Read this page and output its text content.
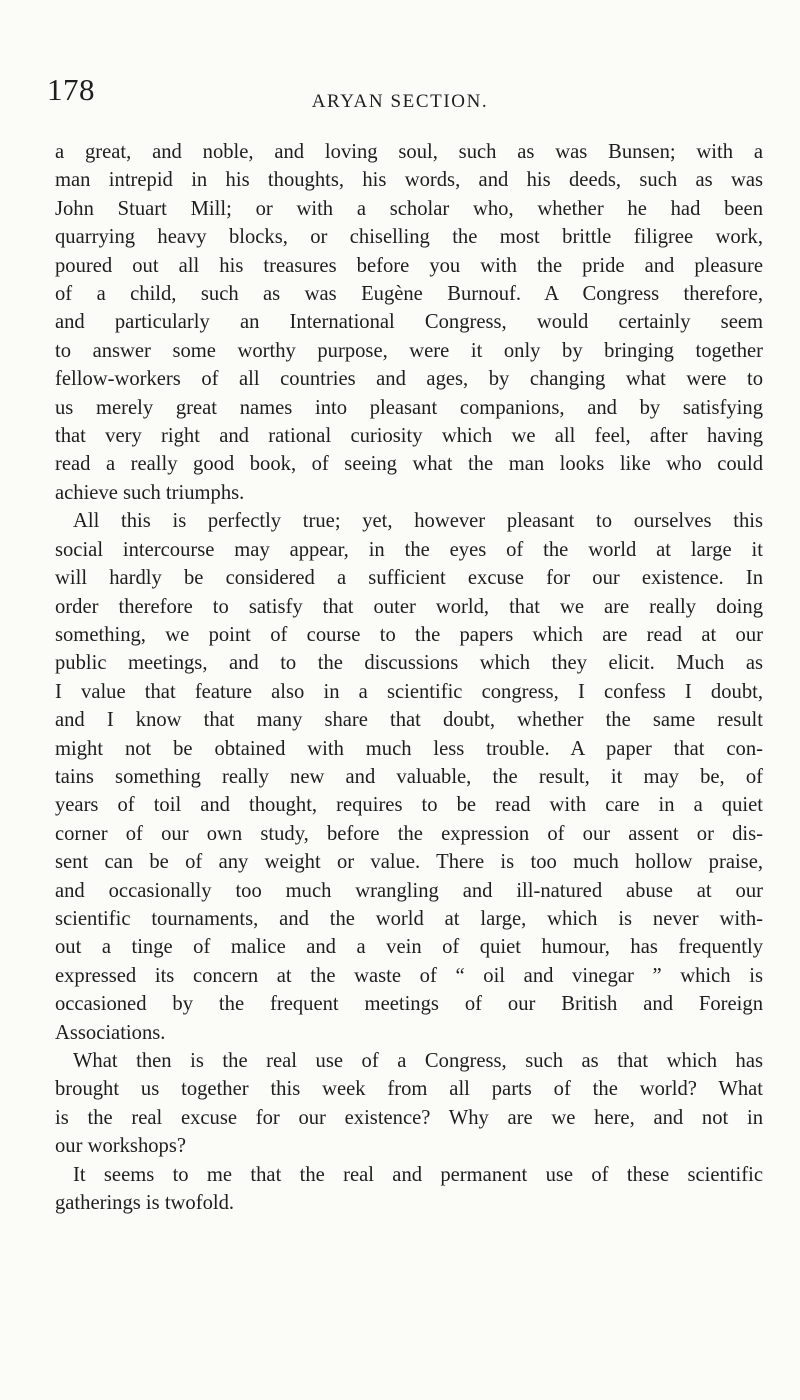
178	ARYAN SECTION.
a great, and noble, and loving soul, such as was Bunsen; with a
man intrepid in his thoughts, his words, and his deeds, such as was
John Stuart Mill; or with a scholar who, whether he had been
quarrying heavy blocks, or chiselling the most brittle filigree work,
poured out all his treasures before you with the pride and pleasure
of a child, such as was Eugène Burnouf. A Congress therefore,
and particularly an International Congress, would certainly seem
to answer some worthy purpose, were it only by bringing together
fellow-workers of all countries and ages, by changing what were to
us merely great names into pleasant companions, and by satisfying
that very right and rational curiosity which we all feel, after having
read a really good book, of seeing what the man looks like who could
achieve such triumphs.
All this is perfectly true; yet, however pleasant to ourselves this
social intercourse may appear, in the eyes of the world at large it
will hardly be considered a sufficient excuse for our existence. In
order therefore to satisfy that outer world, that we are really doing
something, we point of course to the papers which are read at our
public meetings, and to the discussions which they elicit. Much as
I value that feature also in a scientific congress, I confess I doubt,
and I know that many share that doubt, whether the same result
might not be obtained with much less trouble. A paper that con-
tains something really new and valuable, the result, it may be, of
years of toil and thought, requires to be read with care in a quiet
corner of our own study, before the expression of our assent or dis-
sent can be of any weight or value. There is too much hollow praise,
and occasionally too much wrangling and ill-natured abuse at our
scientific tournaments, and the world at large, which is never with-
out a tinge of malice and a vein of quiet humour, has frequently
expressed its concern at the waste of “ oil and vinegar ” which is
occasioned by the frequent meetings of our British and Foreign
Associations.
What then is the real use of a Congress, such as that which has
brought us together this week from all parts of the world? What
is the real excuse for our existence? Why are we here, and not in
our workshops?
It seems to me that the real and permanent use of these scientific
gatherings is twofold.
